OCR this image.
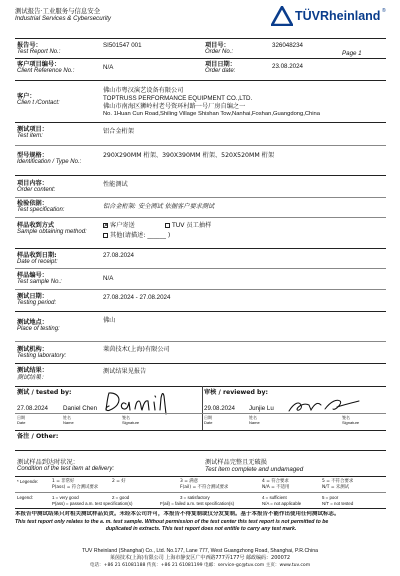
测试报告·工业服务与信息安全
Industrial Services & Cybersecurity	TÜVRheinland ®
报告号：
Test Report No.:
SI501547 001	项目号：
Order No.:
326048234
Page 1
客户项目编号：
Client Reference No.:	N/A	项目日期：
Order date:
23.08.2024
客户：
Clien t /Contact:
佛山市粤汉演艺设备有限公司
TOPTRUSS PERFORMANCE EQUIPMENT CO.,LTD.
佛山市南海区狮岭村老号资环村路一号厂房自编之一
No. 1Huan Cun Road,Shiling Village Shishan Tow,Nanhai,Foshan,Guangdong,China
测试项目：
Test item:
铝合金桁架
型号规格：
Identification / Type No.:
290X290MM 桁架、390X390MM 桁架、520X520MM 桁架
项目内容：
Order content:
性能测试
检验依据：
Test specification:	铝合金桁架: 安全测试 依据客户要求测试
样品收到方式
Sample obtaining method:
✕客户寄送	TUV 员工抽样
其他(请描述: ______ )
样品收到日期:
Date of receipt:
27.08.2024
样品编号：
Test sample No.:	N/A
测试日期：
Testing period:
27.08.2024 - 27.08.2024
测试地点：
Place of testing:
佛山
测试机构：
Testing laboratory:
莱茵技术(上海)有限公司
测试结果：
测试结果：
测试结果见报告
测试 / tested by:	审核 / reviewed by:
27.08.2024 Daniel Chen	29.08.2024 Junjie Lu
日期
Date
姓名
Name
签名
Signature
日期
Date
姓名
Name
签名
Signature
备注 / Other:
测试样品到达时状况：
Condition of the test item at delivery:
测试样品完整且无破损
Test item complete and undamaged
* Legende:	1 = 非常好	2 = 好	3 = 满意	4 = 符合要求	5 = 不符合要求
P(ass) = 符合测试要求	F(ail) = 不符合测试要求	N/A = 不适用	N/T = 未测试
Legend:	1 = very good	2 = good	3 = satisfactory	4 = sufficient	5 = poor
P(ass) = passed a.m. test specification(s)	F(ail) = failed a.m. test specification(s)	N/A = not applicable	N/T = not tested
本报告中测试结果只对相关测试样品负责。未经本公司许可，本报告不得复制或仅分发复制。基于本报告不能作出使用任何测试标志。
This test report only relates to the a. m. test sample. Without permission of the test center this test report is not permitted to be
duplicated in extracts. This test report does not entitle to carry any test mark.
TUV Rheinland (Shanghai) Co., Ltd. No.177, Lane 777, West Guangzhong Road, Shanghai, P.R.China
莱茵技术(上海)有限公司 上海市静安区广中西路777弄177号 邮政编码：200072
电话：+86 21 61081188 传真：+86 21 61081199 电邮：service-gc@tuv.com 主页：www.tuv.com
